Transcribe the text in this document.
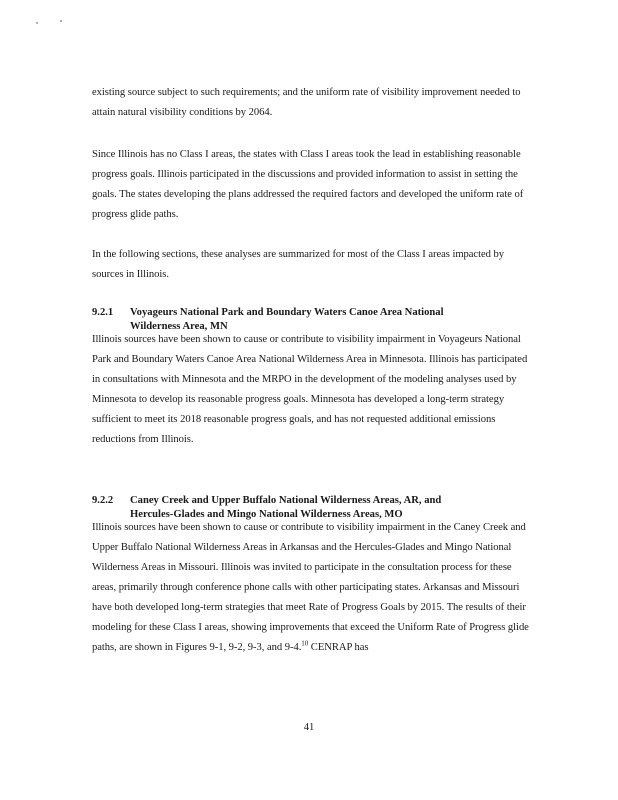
existing source subject to such requirements; and the uniform rate of visibility improvement needed to attain natural visibility conditions by 2064.

Since Illinois has no Class I areas, the states with Class I areas took the lead in establishing reasonable progress goals. Illinois participated in the discussions and provided information to assist in setting the goals. The states developing the plans addressed the required factors and developed the uniform rate of progress glide paths.

In the following sections, these analyses are summarized for most of the Class I areas impacted by sources in Illinois.

9.2.1 Voyageurs National Park and Boundary Waters Canoe Area National
Wilderness Area, MN

Illinois sources have been shown to cause or contribute to visibility impairment in Voyageurs National Park and Boundary Waters Canoe Area National Wilderness Area in Minnesota. Illinois has participated in consultations with Minnesota and the MRPO in the development of the modeling analyses used by Minnesota to develop its reasonable progress goals. Minnesota has developed a long-term strategy sufficient to meet its 2018 reasonable progress goals, and has not requested additional emissions reductions from Illinois.

9.2.2 Caney Creek and Upper Buffalo National Wilderness Areas, AR, and
Hercules-Glades and Mingo National Wilderness Areas, MO

Illinois sources have been shown to cause or contribute to visibility impairment in the Caney Creek and Upper Buffalo National Wilderness Areas in Arkansas and the Hercules-Glades and Mingo National Wilderness Areas in Missouri. Illinois was invited to participate in the consultation process for these areas, primarily through conference phone calls with other participating states. Arkansas and Missouri have both developed long-term strategies that meet Rate of Progress Goals by 2015. The results of their modeling for these Class I areas, showing improvements that exceed the Uniform Rate of Progress glide paths, are shown in Figures 9-1, 9-2, 9-3, and 9-4.10 CENRAP has

41
